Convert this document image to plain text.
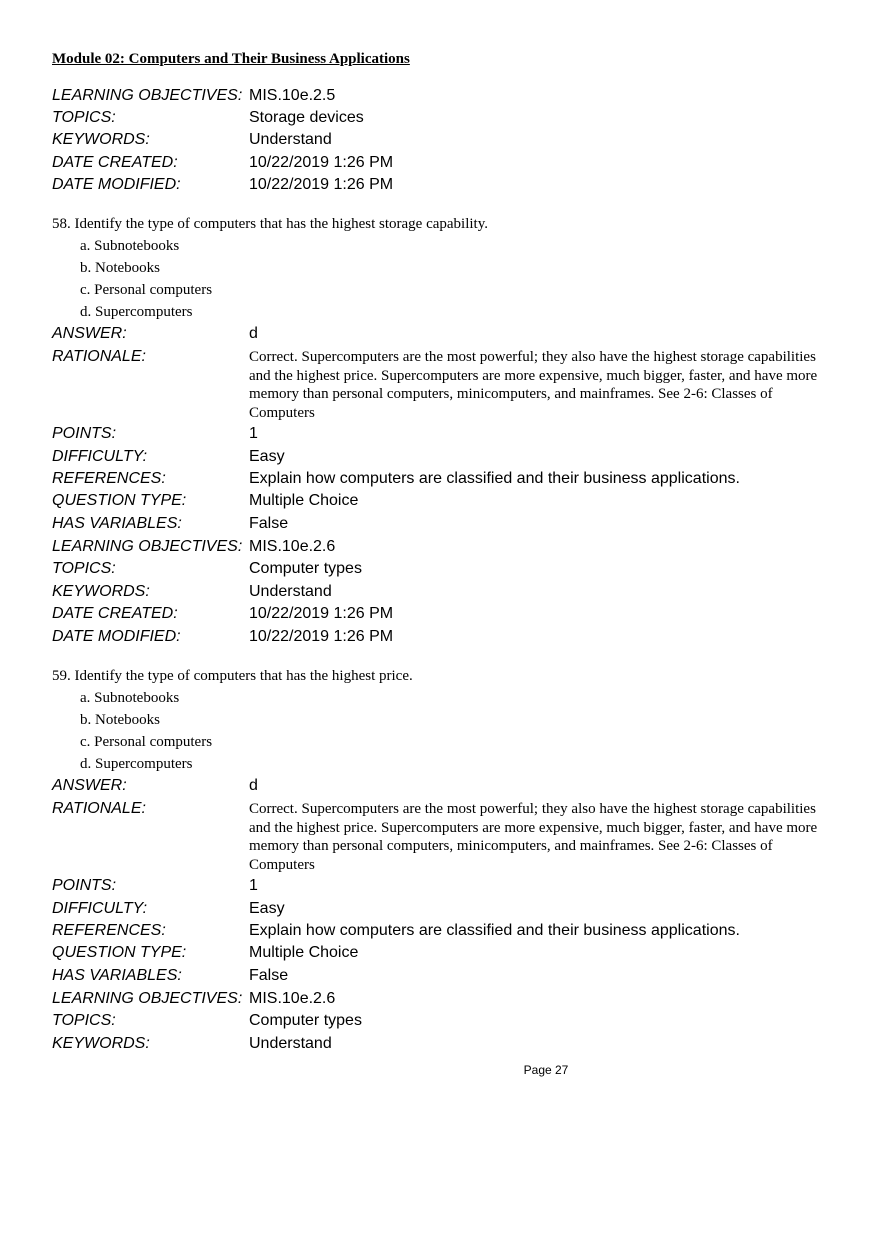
Module 02: Computers and Their Business Applications
LEARNING OBJECTIVES: MIS.10e.2.5
TOPICS:	Storage devices
KEYWORDS:	Understand
DATE CREATED:	10/22/2019 1:26 PM
DATE MODIFIED:	10/22/2019 1:26 PM

58. Identify the type of computers that has the highest storage capability.

a. Subnotebooks
b. Notebooks
c. Personal computers
d. Supercomputers
ANSWER:	d
RATIONALE:	Correct. Supercomputers are the most powerful; they also have the highest storage capabilities and the highest price. Supercomputers are more expensive, much bigger, faster, and have more memory than personal computers, minicomputers, and mainframes. See 2-6: Classes of Computers

POINTS:	1
DIFFICULTY:	Easy
REFERENCES:	Explain how computers are classified and their business applications.
QUESTION TYPE:	Multiple Choice
HAS VARIABLES:	False
LEARNING OBJECTIVES: MIS.10e.2.6
TOPICS:	Computer types
KEYWORDS:	Understand
DATE CREATED:	10/22/2019 1:26 PM
DATE MODIFIED:	10/22/2019 1:26 PM

59. Identify the type of computers that has the highest price.

a. Subnotebooks
b. Notebooks
c. Personal computers
d. Supercomputers
ANSWER:	d
RATIONALE:	Correct. Supercomputers are the most powerful; they also have the highest storage capabilities and the highest price. Supercomputers are more expensive, much bigger, faster, and have more memory than personal computers, minicomputers, and mainframes. See 2-6: Classes of Computers

POINTS:	1
DIFFICULTY:	Easy
REFERENCES:	Explain how computers are classified and their business applications.
QUESTION TYPE:	Multiple Choice
HAS VARIABLES:	False
LEARNING OBJECTIVES: MIS.10e.2.6
TOPICS:	Computer types
KEYWORDS:	Understand
Page 27
